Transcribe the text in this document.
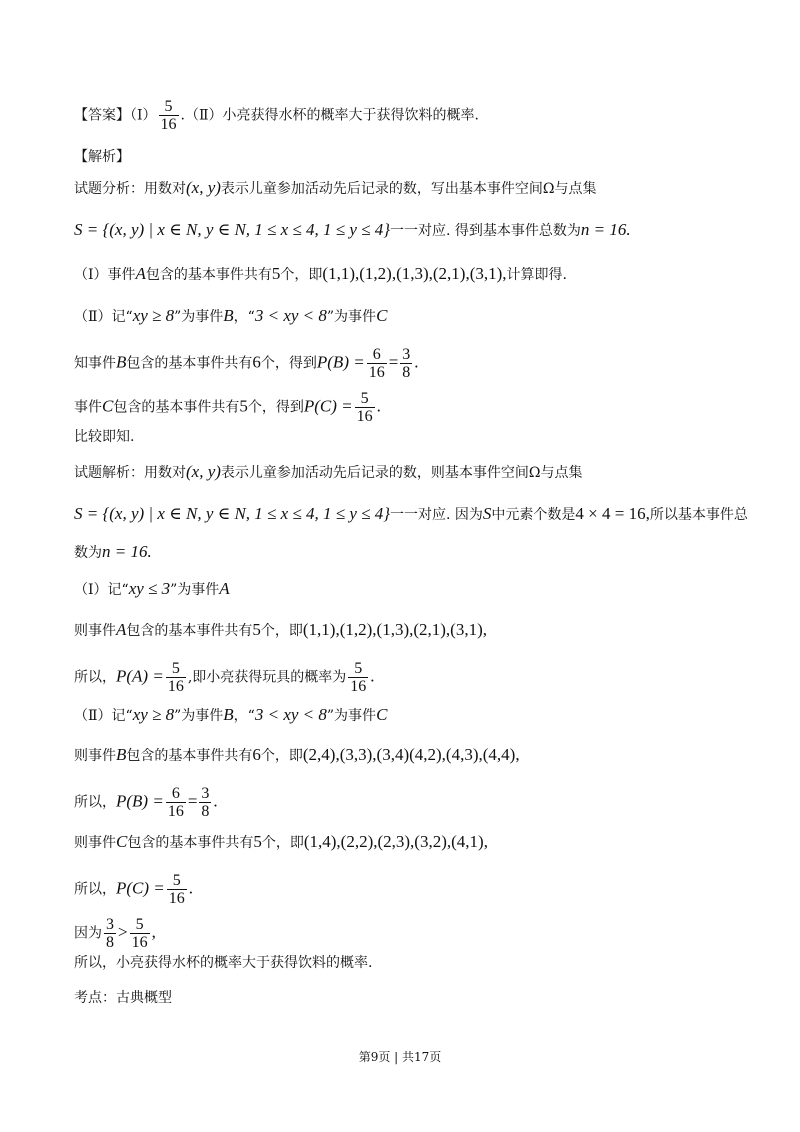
【答案】（Ⅰ） $\frac{5}{16}$ .（Ⅱ）小亮获得水杯的概率大于获得饮料的概率.
【解析】
试题分析：用数对(x, y)表示儿童参加活动先后记录的数，写出基本事件空间Ω与点集
S = {(x, y) | x ∈ N, y ∈ N, 1 ≤ x ≤ 4, 1 ≤ y ≤ 4}一一对应. 得到基本事件总数为n = 16.
（Ⅰ）事件A包含的基本事件共有5个，即(1,1),(1,2),(1,3),(2,1),(3,1),计算即得.
（Ⅱ）记“xy ≥ 8”为事件B，“3 < xy < 8”为事件C
知事件B包含的基本事件共有6个，得到$P(B) = \frac{6}{16} = \frac{3}{8}$ .
事件C包含的基本事件共有5个，得到$P(C) = \frac{5}{16}$ .
比较即知.
试题解析：用数对(x, y)表示儿童参加活动先后记录的数，则基本事件空间Ω与点集
S = {(x, y) | x ∈ N, y ∈ N, 1 ≤ x ≤ 4, 1 ≤ y ≤ 4}一一对应. 因为S中元素个数是4 × 4 = 16,所以基本事件总
数为n = 16.
（Ⅰ）记“xy ≤ 3”为事件A
则事件A包含的基本事件共有5个，即(1,1),(1,2),(1,3),(2,1),(3,1),
所以，$P(A) = \frac{5}{16}$ ,即小亮获得玩具的概率为 $\frac{5}{16}$ .
（Ⅱ）记“xy ≥ 8”为事件B，“3 < xy < 8”为事件C
则事件B包含的基本事件共有6个，即(2,4),(3,3),(3,4)(4,2),(4,3),(4,4),
所以，$P(B) = \frac{6}{16} = \frac{3}{8}$ .
则事件C包含的基本事件共有5个，即(1,4),(2,2),(2,3),(3,2),(4,1),
所以，$P(C) = \frac{5}{16}$ .
因为 $\frac{3}{8} > \frac{5}{16}$ ,
所以，小亮获得水杯的概率大于获得饮料的概率.
考点：古典概型
第9页 | 共17页
